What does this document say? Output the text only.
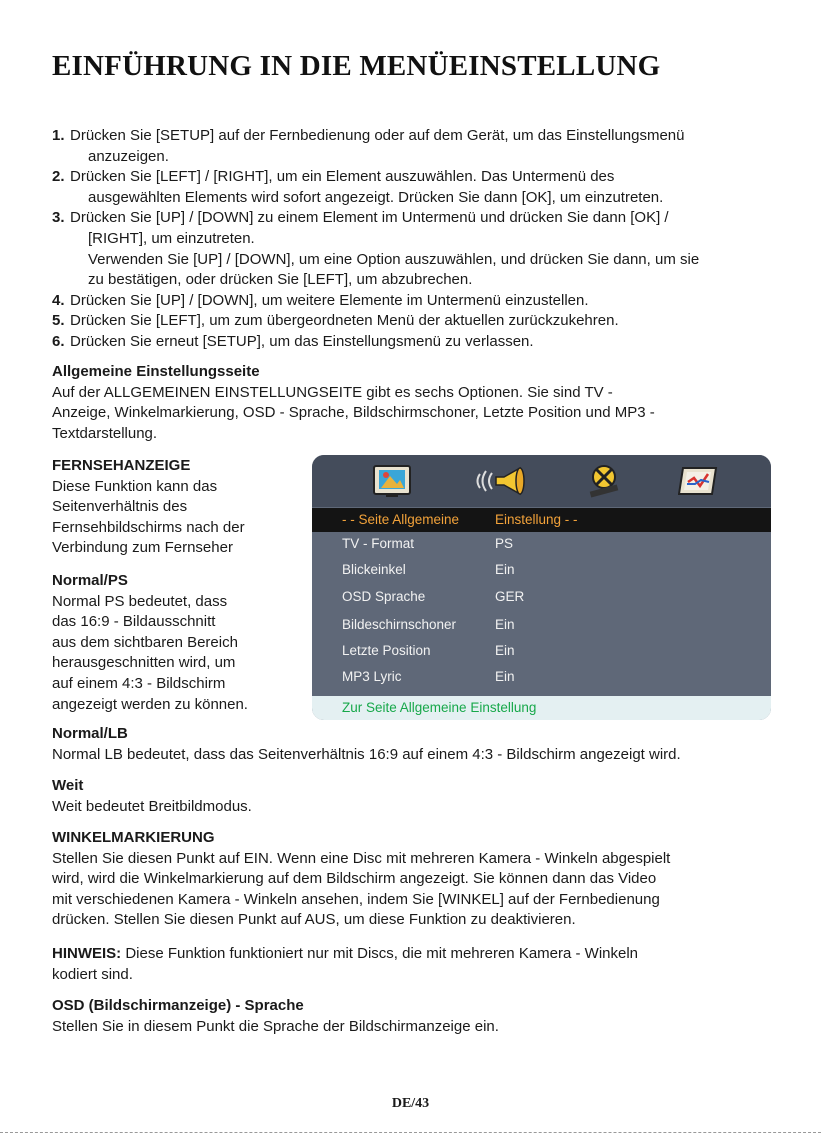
EINFÜHRUNG IN DIE MENÜEINSTELLUNG
1. Drücken Sie [SETUP] auf der Fernbedienung oder auf dem Gerät, um das Einstellungsmenü
anzuzeigen.
2. Drücken Sie [LEFT] / [RIGHT], um ein Element auszuwählen. Das Untermenü des
ausgewählten Elements wird sofort angezeigt. Drücken Sie dann [OK], um einzutreten.
3. Drücken Sie [UP] / [DOWN] zu einem Element im Untermenü und drücken Sie dann [OK] /
[RIGHT], um einzutreten.
Verwenden Sie [UP] / [DOWN], um eine Option auszuwählen, und drücken Sie dann, um sie
zu bestätigen, oder drücken Sie [LEFT], um abzubrechen.
4. Drücken Sie [UP] / [DOWN], um weitere Elemente im Untermenü einzustellen.
5. Drücken Sie [LEFT], um zum übergeordneten Menü der aktuellen zurückzukehren.
6. Drücken Sie erneut [SETUP], um das Einstellungsmenü zu verlassen.
Allgemeine Einstellungsseite
Auf der ALLGEMEINEN EINSTELLUNGSEITE gibt es sechs Optionen. Sie sind TV -
Anzeige, Winkelmarkierung, OSD - Sprache, Bildschirmschoner, Letzte Position und MP3 -
Textdarstellung.
FERNSEHANZEIGE
Diese Funktion kann das
Seitenverhältnis des
Fernsehbildschirms nach der
Verbindung zum Fernseher
Normal/PS
Normal PS bedeutet, dass
das 16:9 - Bildausschnitt
aus dem sichtbaren Bereich
herausgeschnitten wird, um
auf einem 4:3 - Bildschirm
angezeigt werden zu können.
- - Seite Allgemeine	Einstellung - -
TV - Format	PS
Blickeinkel	Ein
OSD Sprache	GER
Bildeschirnschoner	Ein
Letzte Position	Ein
MP3 Lyric	Ein
Zur Seite Allgemeine Einstellung
Normal/LB
Normal LB bedeutet, dass das Seitenverhältnis 16:9 auf einem 4:3 - Bildschirm angezeigt wird.
Weit
Weit bedeutet Breitbildmodus.
WINKELMARKIERUNG
Stellen Sie diesen Punkt auf EIN. Wenn eine Disc mit mehreren Kamera - Winkeln abgespielt
wird, wird die Winkelmarkierung auf dem Bildschirm angezeigt. Sie können dann das Video
mit verschiedenen Kamera - Winkeln ansehen, indem Sie [WINKEL] auf der Fernbedienung
drücken. Stellen Sie diesen Punkt auf AUS, um diese Funktion zu deaktivieren.
HINWEIS: Diese Funktion funktioniert nur mit Discs, die mit mehreren Kamera - Winkeln
kodiert sind.
OSD (Bildschirmanzeige) - Sprache
Stellen Sie in diesem Punkt die Sprache der Bildschirmanzeige ein.
DE/43
